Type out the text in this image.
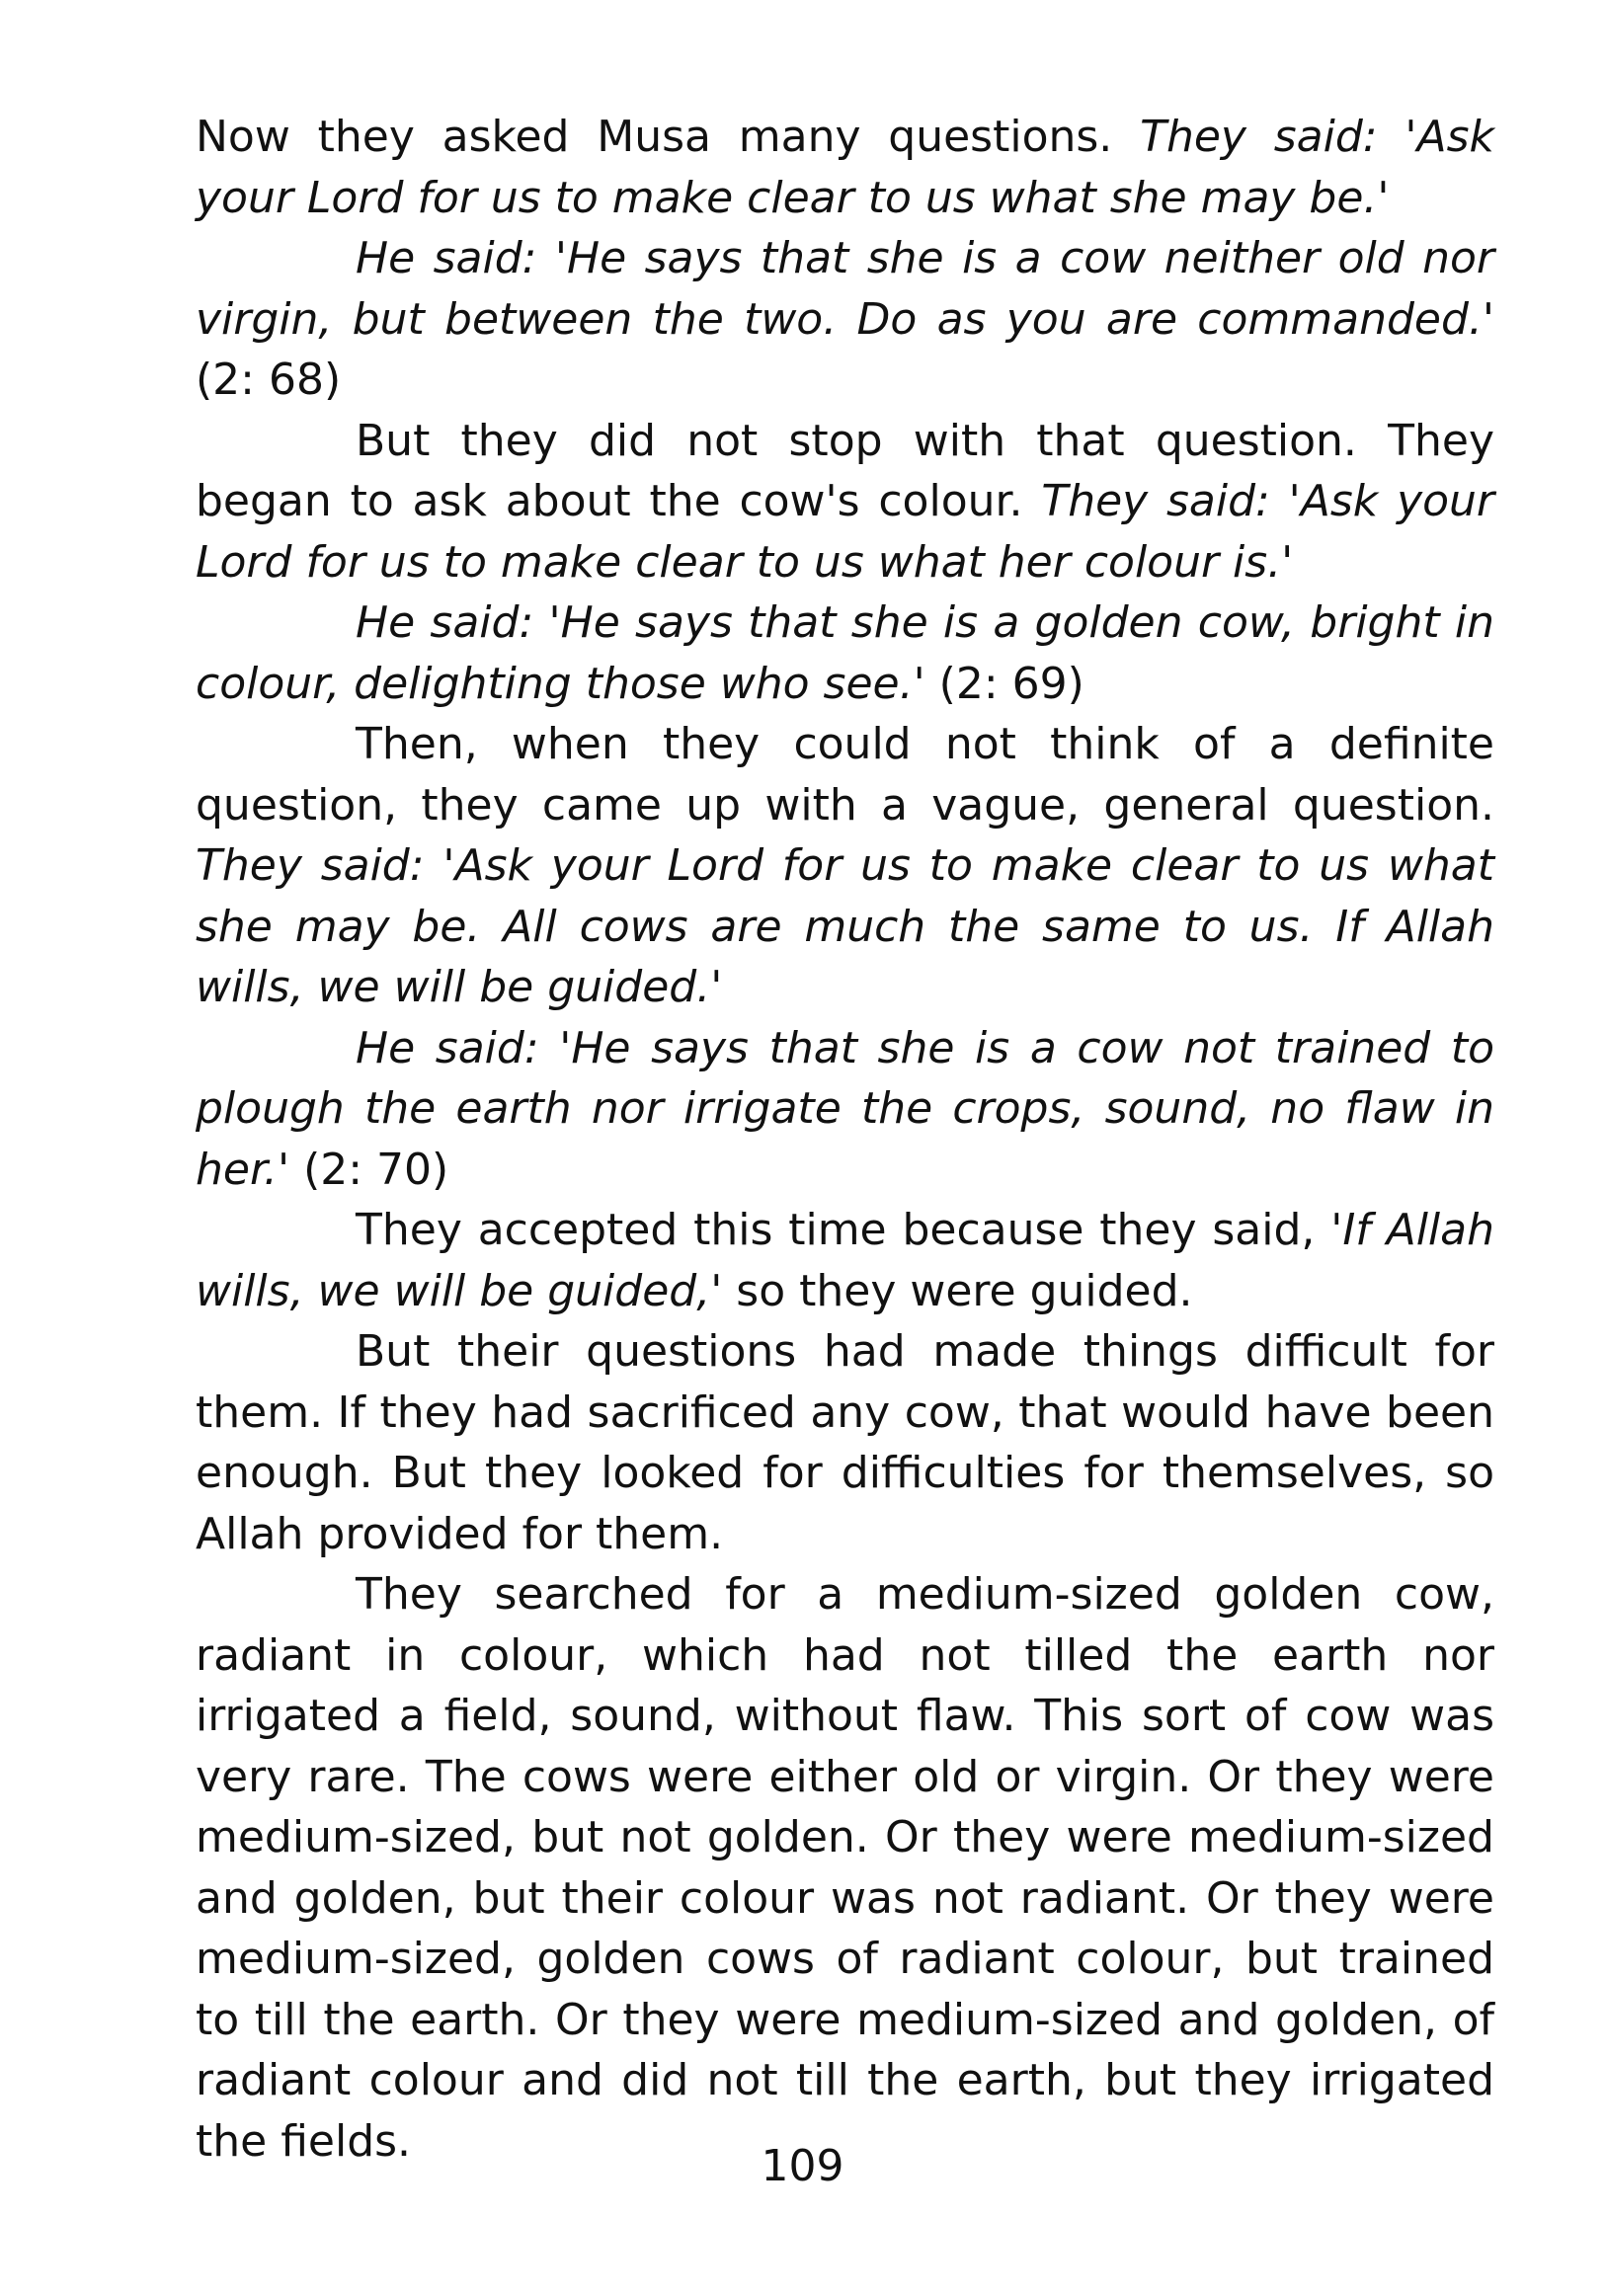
Now they asked Musa many questions. They said: 'Ask your Lord for us to make clear to us what she may be.'

He said: 'He says that she is a cow neither old nor virgin, but between the two. Do as you are commanded.' (2: 68)

But they did not stop with that question. They began to ask about the cow's colour. They said: 'Ask your Lord for us to make clear to us what her colour is.'

He said: 'He says that she is a golden cow, bright in colour, delighting those who see.' (2: 69)

Then, when they could not think of a definite question, they came up with a vague, general question. They said: 'Ask your Lord for us to make clear to us what she may be. All cows are much the same to us. If Allah wills, we will be guided.'

He said: 'He says that she is a cow not trained to plough the earth nor irrigate the crops, sound, no flaw in her.' (2: 70)

They accepted this time because they said, 'If Allah wills, we will be guided,' so they were guided.

But their questions had made things difficult for them. If they had sacrificed any cow, that would have been enough. But they looked for difficulties for themselves, so Allah provided for them.

They searched for a medium-sized golden cow, radiant in colour, which had not tilled the earth nor irrigated a field, sound, without flaw. This sort of cow was very rare. The cows were either old or virgin. Or they were medium-sized, but not golden. Or they were medium-sized and golden, but their colour was not radiant. Or they were medium-sized, golden cows of radiant colour, but trained to till the earth. Or they were medium-sized and golden, of radiant colour and did not till the earth, but they irrigated the fields.	109
